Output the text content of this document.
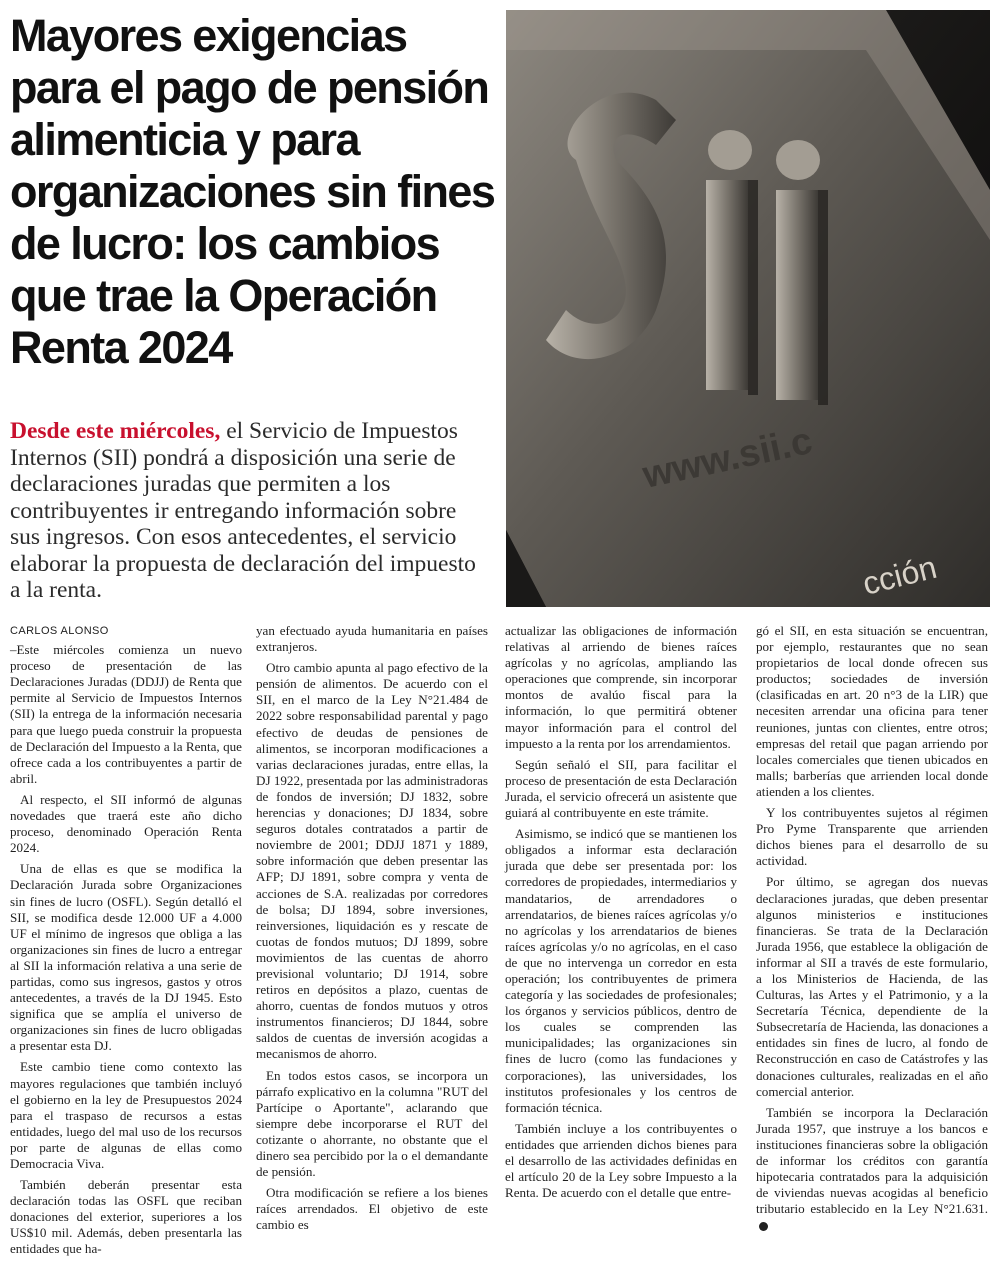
Mayores exigencias para el pago de pensión alimenticia y para organizaciones sin fines de lucro: los cambios que trae la Operación Renta 2024
www.sii.c
cción

Desde este miércoles, el Servicio de Impuestos Internos (SII) pondrá a disposición una serie de declaraciones juradas que permiten a los contribuyentes ir entregando información sobre sus ingresos. Con esos antecedentes, el servicio elaborar la propuesta de declaración del impuesto a la renta.

CARLOS ALONSO

–Este miércoles comienza un nuevo proceso de presentación de las Declaraciones Juradas (DDJJ) de Renta que permite al Servicio de Impuestos Internos (SII) la entrega de la información necesaria para que luego pueda construir la propuesta de Declaración del Impuesto a la Renta, que ofrece cada a los contribuyentes a partir de abril.

Al respecto, el SII informó de algunas novedades que traerá este año dicho proceso, denominado Operación Renta 2024.

Una de ellas es que se modifica la Declaración Jurada sobre Organizaciones sin fines de lucro (OSFL). Según detalló el SII, se modifica desde 12.000 UF a 4.000 UF el mínimo de ingresos que obliga a las organizaciones sin fines de lucro a entregar al SII la información relativa a una serie de partidas, como sus ingresos, gastos y otros antecedentes, a través de la DJ 1945. Esto significa que se amplía el universo de organizaciones sin fines de lucro obligadas a presentar esta DJ.

Este cambio tiene como contexto las mayores regulaciones que también incluyó el gobierno en la ley de Presupuestos 2024 para el traspaso de recursos a estas entidades, luego del mal uso de los recursos por parte de algunas de ellas como Democracia Viva.

También deberán presentar esta declaración todas las OSFL que reciban donaciones del exterior, superiores a los US$10 mil. Además, deben presentarla las entidades que ha-

yan efectuado ayuda humanitaria en países extranjeros.

Otro cambio apunta al pago efectivo de la pensión de alimentos. De acuerdo con el SII, en el marco de la Ley N°21.484 de 2022 sobre responsabilidad parental y pago efectivo de deudas de pensiones de alimentos, se incorporan modificaciones a varias declaraciones juradas, entre ellas, la DJ 1922, presentada por las administradoras de fondos de inversión; DJ 1832, sobre herencias y donaciones; DJ 1834, sobre seguros dotales contratados a partir de noviembre de 2001; DDJJ 1871 y 1889, sobre información que deben presentar las AFP; DJ 1891, sobre compra y venta de acciones de S.A. realizadas por corredores de bolsa; DJ 1894, sobre inversiones, reinversiones, liquidación es y rescate de cuotas de fondos mutuos; DJ 1899, sobre movimientos de las cuentas de ahorro previsional voluntario; DJ 1914, sobre retiros en depósitos a plazo, cuentas de ahorro, cuentas de fondos mutuos y otros instrumentos financieros; DJ 1844, sobre saldos de cuentas de inversión acogidas a mecanismos de ahorro.

En todos estos casos, se incorpora un párrafo explicativo en la columna "RUT del Partícipe o Aportante", aclarando que siempre debe incorporarse el RUT del cotizante o ahorrante, no obstante que el dinero sea percibido por la o el demandante de pensión.

Otra modificación se refiere a los bienes raíces arrendados. El objetivo de este cambio es

actualizar las obligaciones de información relativas al arriendo de bienes raíces agrícolas y no agrícolas, ampliando las operaciones que comprende, sin incorporar montos de avalúo fiscal para la información, lo que permitirá obtener mayor información para el control del impuesto a la renta por los arrendamientos.

Según señaló el SII, para facilitar el proceso de presentación de esta Declaración Jurada, el servicio ofrecerá un asistente que guiará al contribuyente en este trámite.

Asimismo, se indicó que se mantienen los obligados a informar esta declaración jurada que debe ser presentada por: los corredores de propiedades, intermediarios y mandatarios, de arrendadores o arrendatarios, de bienes raíces agrícolas y/o no agrícolas y los arrendatarios de bienes raíces agrícolas y/o no agrícolas, en el caso de que no intervenga un corredor en esta operación; los contribuyentes de primera categoría y las sociedades de profesionales; los órganos y servicios públicos, dentro de los cuales se comprenden las municipalidades; las organizaciones sin fines de lucro (como las fundaciones y corporaciones), las universidades, los institutos profesionales y los centros de formación técnica.

También incluye a los contribuyentes o entidades que arrienden dichos bienes para el desarrollo de las actividades definidas en el artículo 20 de la Ley sobre Impuesto a la Renta. De acuerdo con el detalle que entre-

gó el SII, en esta situación se encuentran, por ejemplo, restaurantes que no sean propietarios de local donde ofrecen sus productos; sociedades de inversión (clasificadas en art. 20 n°3 de la LIR) que necesiten arrendar una oficina para tener reuniones, juntas con clientes, entre otros; empresas del retail que pagan arriendo por locales comerciales que tienen ubicados en malls; barberías que arrienden local donde atienden a los clientes.

Y los contribuyentes sujetos al régimen Pro Pyme Transparente que arrienden dichos bienes para el desarrollo de su actividad.

Por último, se agregan dos nuevas declaraciones juradas, que deben presentar algunos ministerios e instituciones financieras. Se trata de la Declaración Jurada 1956, que establece la obligación de informar al SII a través de este formulario, a los Ministerios de Hacienda, de las Culturas, las Artes y el Patrimonio, y a la Secretaría Técnica, dependiente de la Subsecretaría de Hacienda, las donaciones a entidades sin fines de lucro, al fondo de Reconstrucción en caso de Catástrofes y las donaciones culturales, realizadas en el año comercial anterior.

También se incorpora la Declaración Jurada 1957, que instruye a los bancos e instituciones financieras sobre la obligación de informar los créditos con garantía hipotecaria contratados para la adquisición de viviendas nuevas acogidas al beneficio tributario establecido en la Ley N°21.631.
